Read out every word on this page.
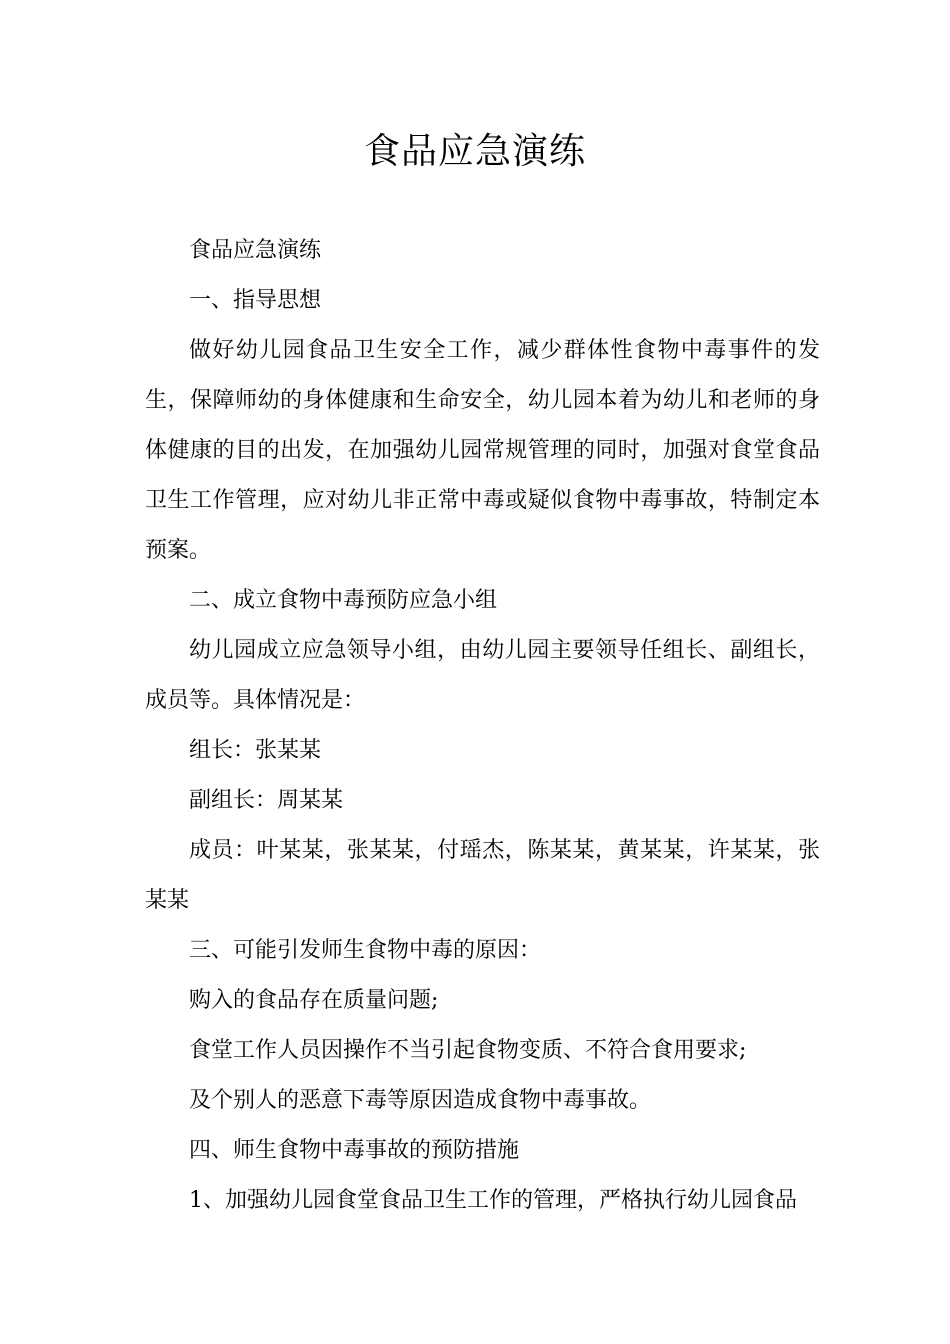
食品应急演练

食品应急演练

一、指导思想

做好幼儿园食品卫生安全工作，减少群体性食物中毒事件的发生，保障师幼的身体健康和生命安全，幼儿园本着为幼儿和老师的身体健康的目的出发，在加强幼儿园常规管理的同时，加强对食堂食品卫生工作管理，应对幼儿非正常中毒或疑似食物中毒事故，特制定本预案。

二、成立食物中毒预防应急小组

幼儿园成立应急领导小组，由幼儿园主要领导任组长、副组长，成员等。具体情况是：

组长：张某某

副组长：周某某

成员：叶某某，张某某，付瑶杰，陈某某，黄某某，许某某，张某某

三、可能引发师生食物中毒的原因：

购入的食品存在质量问题;

食堂工作人员因操作不当引起食物变质、不符合食用要求;

及个别人的恶意下毒等原因造成食物中毒事故。

四、师生食物中毒事故的预防措施

1、加强幼儿园食堂食品卫生工作的管理，严格执行幼儿园食品
